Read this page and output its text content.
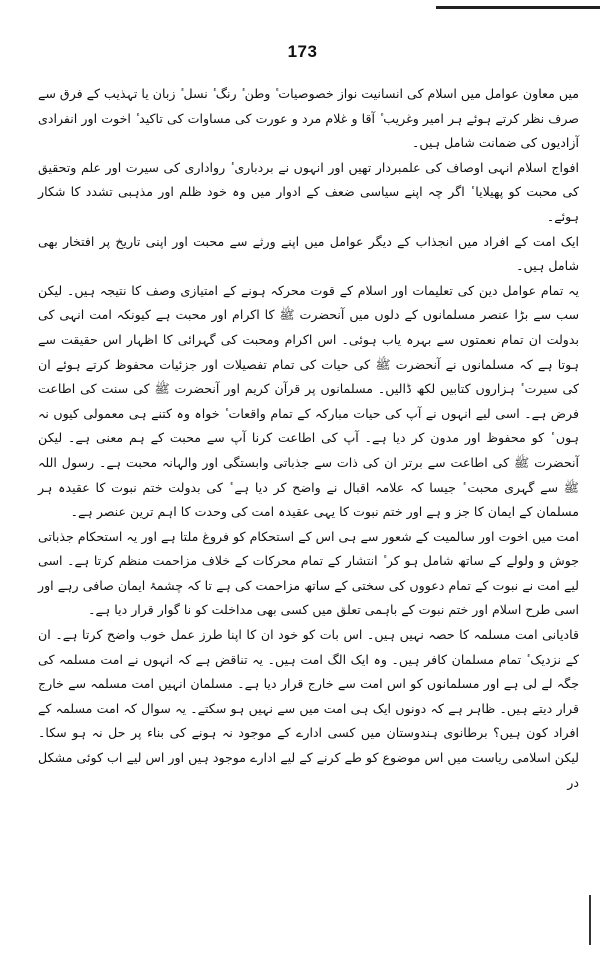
173

میں معاون عوامل میں اسلام کی انسانیت نواز خصوصیات ٔ وطن ٔ رنگ ٔ نسل ٔ زبان یا تہذیب کے فرق سے صرف نظر کرتے ہوئے ہر امیر وغریب ٔ آقا و غلام مرد و عورت کی مساوات کی تاکید ٔ اخوت اور انفرادی آزادیوں کی ضمانت شامل ہیں۔

افواج اسلام انہی اوصاف کی علمبردار تھیں اور انہوں نے بردباری ٔ رواداری کی سیرت اور علم وتحقیق کی محبت کو پھیلایا ٔ اگر چہ اپنے سیاسی ضعف کے ادوار میں وہ خود ظلم اور مذہبی تشدد کا شکار ہوئے۔

ایک امت کے افراد میں انجذاب کے دیگر عوامل میں اپنے ورثے سے محبت اور اپنی تاریخ پر افتخار بھی شامل ہیں۔

یہ تمام عوامل دین کی تعلیمات اور اسلام کے قوت محرکہ ہونے کے امتیازی وصف کا نتیجہ ہیں۔ لیکن سب سے بڑا عنصر مسلمانوں کے دلوں میں آنحضرت ﷺ کا اکرام اور محبت ہے کیونکہ امت انہی کی بدولت ان تمام نعمتوں سے بہرہ یاب ہوئی۔ اس اکرام ومحبت کی گہرائی کا اظہار اس حقیقت سے ہوتا ہے کہ مسلمانوں نے آنحضرت ﷺ کی حیات کی تمام تفصیلات اور جزئیات محفوظ کرتے ہوئے ان کی سیرت ٔ ہزاروں کتابیں لکھ ڈالیں۔ مسلمانوں پر قرآن کریم اور آنحضرت ﷺ کی سنت کی اطاعت فرض ہے۔ اسی لیے انہوں نے آپ کی حیات مبارکہ کے تمام واقعات ٔ خواہ وہ کتنے ہی معمولی کیوں نہ ہوں ٔ کو محفوظ اور مدون کر دیا ہے۔ آپ کی اطاعت کرنا آپ سے محبت کے ہم معنی ہے۔ لیکن آنحضرت ﷺ کی اطاعت سے برتر ان کی ذات سے جذباتی وابستگی اور والہانہ محبت ہے۔ رسول اللہ ﷺ سے گہری محبت ٔ جیسا کہ علامہ اقبال نے واضح کر دیا ہے ٔ کی بدولت ختم نبوت کا عقیدہ ہر مسلمان کے ایمان کا جز و ہے اور ختم نبوت کا یہی عقیدہ امت کی وحدت کا اہم ترین عنصر ہے۔

امت میں اخوت اور سالمیت کے شعور سے ہی اس کے استحکام کو فروغ ملتا ہے اور یہ استحکام جذباتی جوش و ولولے کے ساتھ شامل ہو کر ٔ انتشار کے تمام محرکات کے خلاف مزاحمت منظم کرتا ہے۔ اسی لیے امت نے نبوت کے تمام دعووں کی سختی کے ساتھ مزاحمت کی ہے تا کہ چشمۂ ایمان صافی رہے اور اسی طرح اسلام اور ختم نبوت کے باہمی تعلق میں کسی بھی مداخلت کو نا گوار قرار دیا ہے۔

قادیانی امت مسلمہ کا حصہ نہیں ہیں۔ اس بات کو خود ان کا اپنا طرز عمل خوب واضح کرتا ہے۔ ان کے نزدیک ٔ تمام مسلمان کافر ہیں۔ وہ ایک الگ امت ہیں۔ یہ تناقض ہے کہ انہوں نے امت مسلمہ کی جگہ لے لی ہے اور مسلمانوں کو اس امت سے خارج قرار دیا ہے۔ مسلمان انہیں امت مسلمہ سے خارج قرار دیتے ہیں۔ ظاہر ہے کہ دونوں ایک ہی امت میں سے نہیں ہو سکتے۔ یہ سوال کہ امت مسلمہ کے افراد کون ہیں؟ برطانوی ہندوستان میں کسی ادارے کے موجود نہ ہونے کی بناء پر حل نہ ہو سکا۔ لیکن اسلامی ریاست میں اس موضوع کو طے کرنے کے لیے ادارے موجود ہیں اور اس لیے اب کوئی مشکل در
